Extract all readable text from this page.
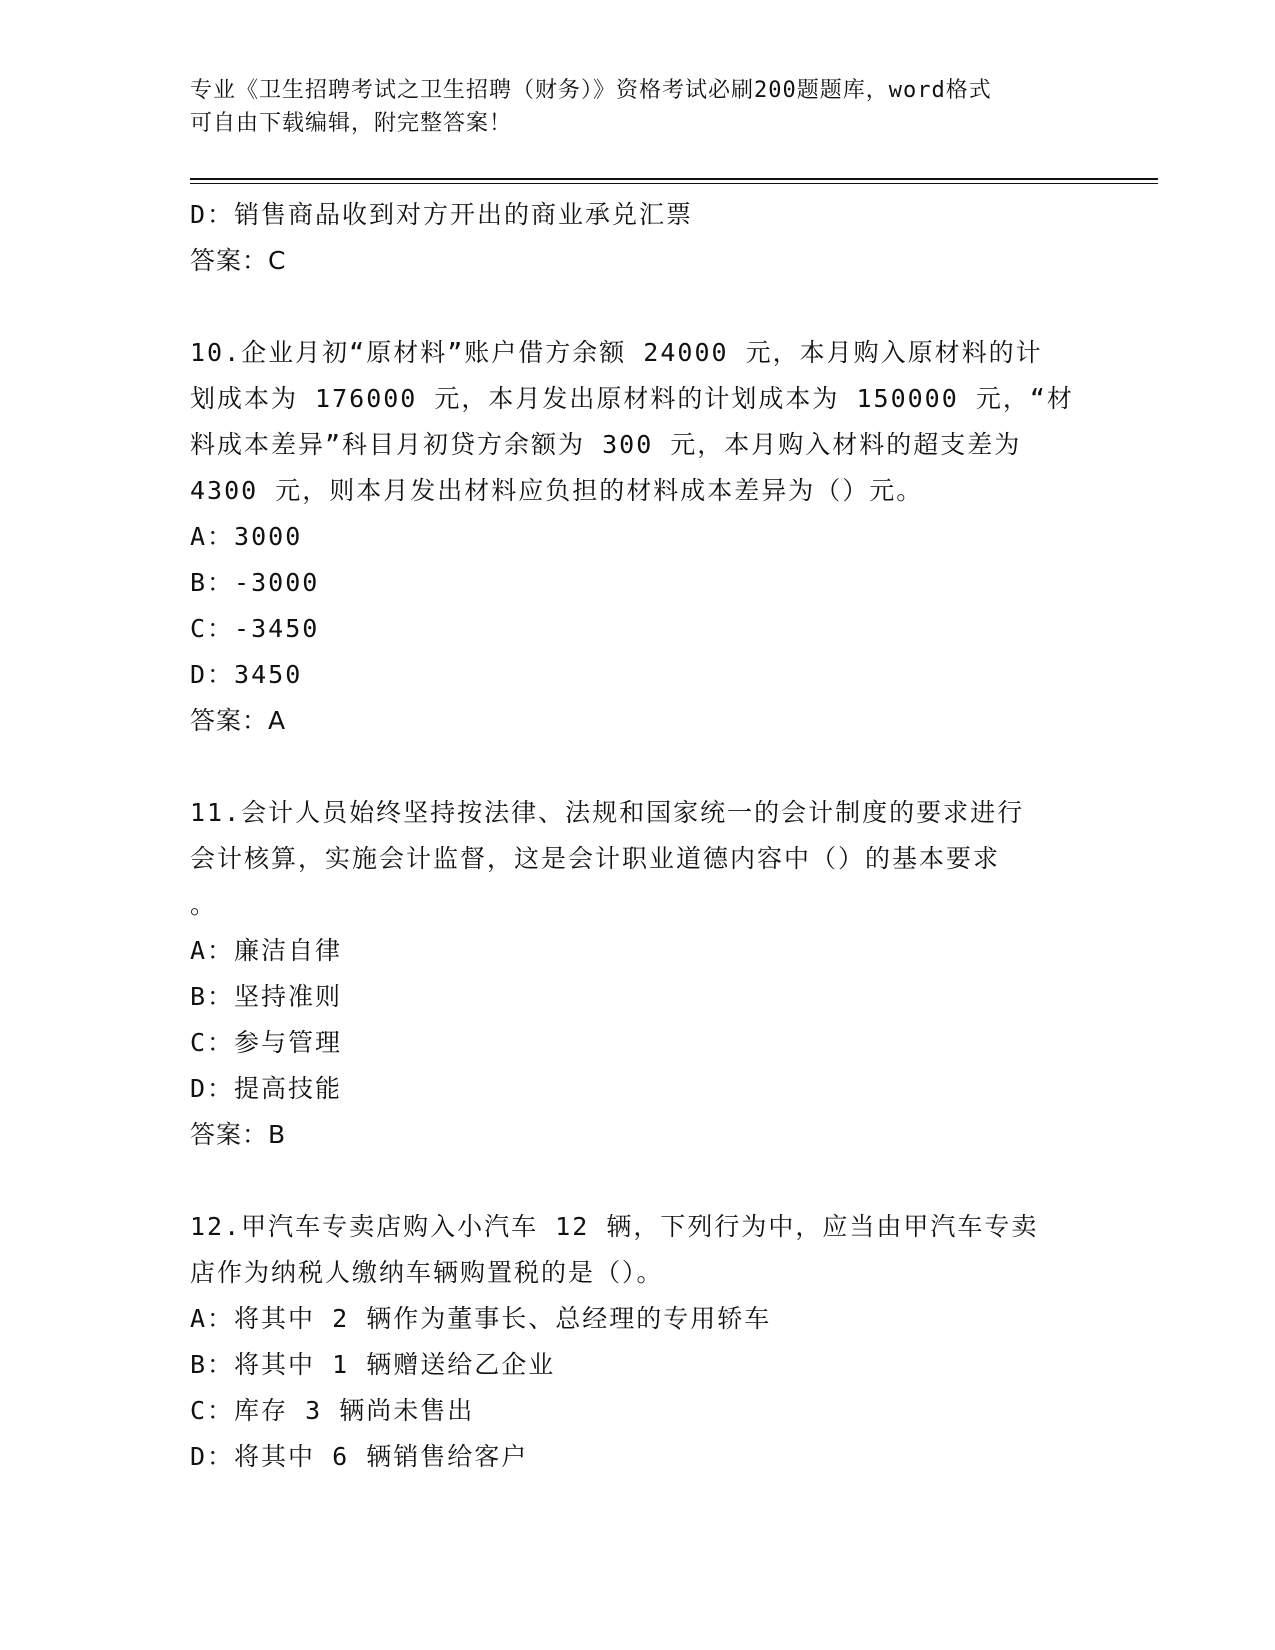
专业《卫生招聘考试之卫生招聘（财务）》资格考试必刷200题题库，word格式
可自由下载编辑，附完整答案！
D：销售商品收到对方开出的商业承兑汇票
答案：C
10.企业月初“原材料”账户借方余额 24000 元，本月购入原材料的计
划成本为 176000 元，本月发出原材料的计划成本为 150000 元，“材
料成本差异”科目月初贷方余额为 300 元，本月购入材料的超支差为
4300 元，则本月发出材料应负担的材料成本差异为（）元。
A：3000
B：-3000
C：-3450
D：3450
答案：A
11.会计人员始终坚持按法律、法规和国家统一的会计制度的要求进行
会计核算，实施会计监督，这是会计职业道德内容中（）的基本要求
。
A：廉洁自律
B：坚持准则
C：参与管理
D：提高技能
答案：B
12.甲汽车专卖店购入小汽车 12 辆，下列行为中，应当由甲汽车专卖
店作为纳税人缴纳车辆购置税的是（）。
A：将其中 2 辆作为董事长、总经理的专用轿车
B：将其中 1 辆赠送给乙企业
C：库存 3 辆尚未售出
D：将其中 6 辆销售给客户
